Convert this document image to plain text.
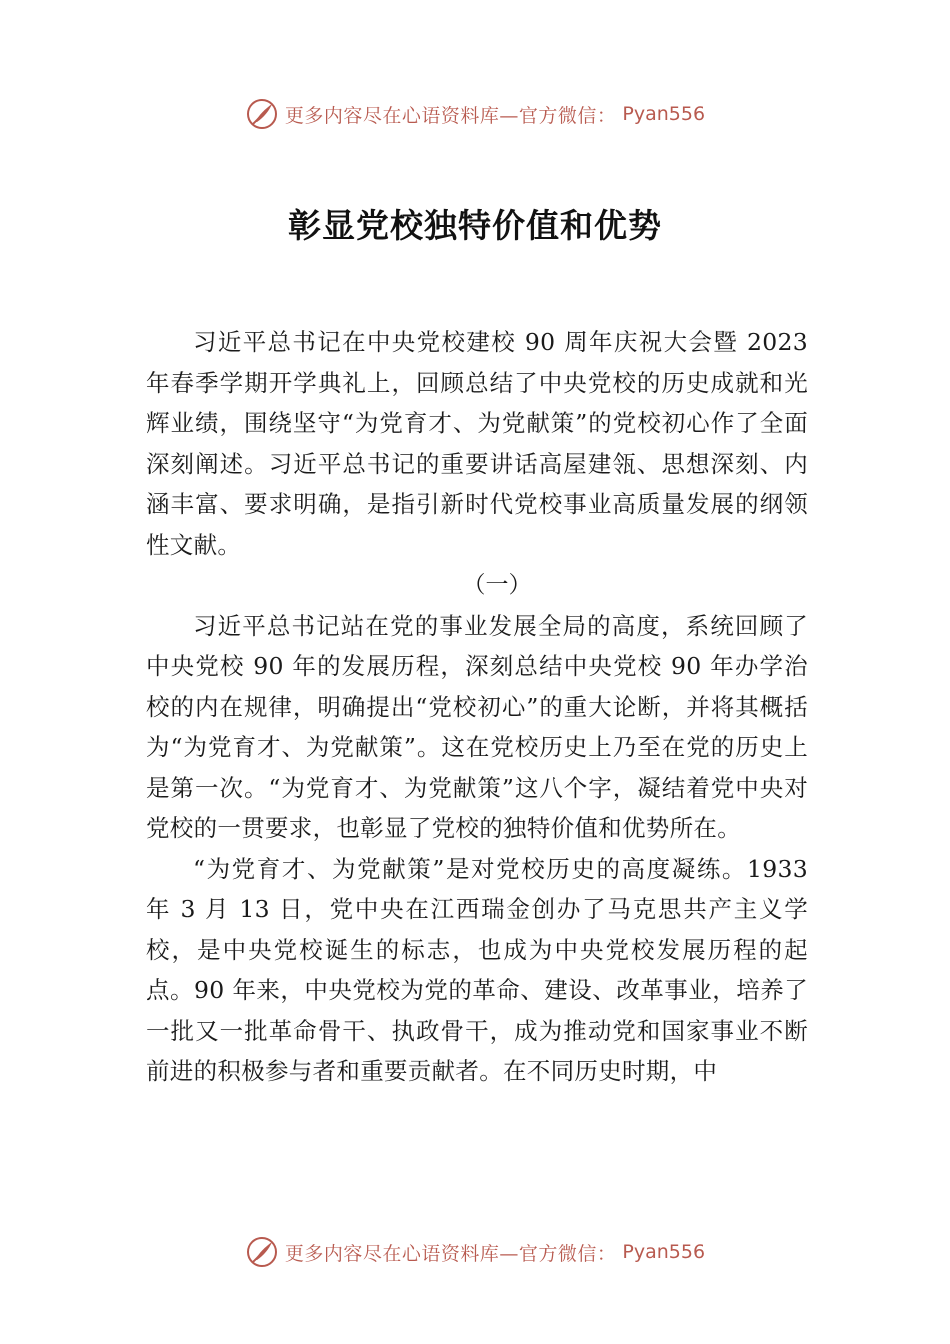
更多内容尽在心语资料库—官方微信： Pyan556
彰显党校独特价值和优势

习近平总书记在中央党校建校 90 周年庆祝大会暨 2023 年春季学期开学典礼上，回顾总结了中央党校的历史成就和光辉业绩，围绕坚守“为党育才、为党献策”的党校初心作了全面深刻阐述。习近平总书记的重要讲话高屋建瓴、思想深刻、内涵丰富、要求明确，是指引新时代党校事业高质量发展的纲领性文献。

（一）

习近平总书记站在党的事业发展全局的高度，系统回顾了中央党校 90 年的发展历程，深刻总结中央党校 90 年办学治校的内在规律，明确提出“党校初心”的重大论断，并将其概括为“为党育才、为党献策”。这在党校历史上乃至在党的历史上是第一次。“为党育才、为党献策”这八个字，凝结着党中央对党校的一贯要求，也彰显了党校的独特价值和优势所在。

“为党育才、为党献策”是对党校历史的高度凝练。1933 年 3 月 13 日，党中央在江西瑞金创办了马克思共产主义学校，是中央党校诞生的标志，也成为中央党校发展历程的起点。90 年来，中央党校为党的革命、建设、改革事业，培养了一批又一批革命骨干、执政骨干，成为推动党和国家事业不断前进的积极参与者和重要贡献者。在不同历史时期，中

更多内容尽在心语资料库—官方微信： Pyan556
